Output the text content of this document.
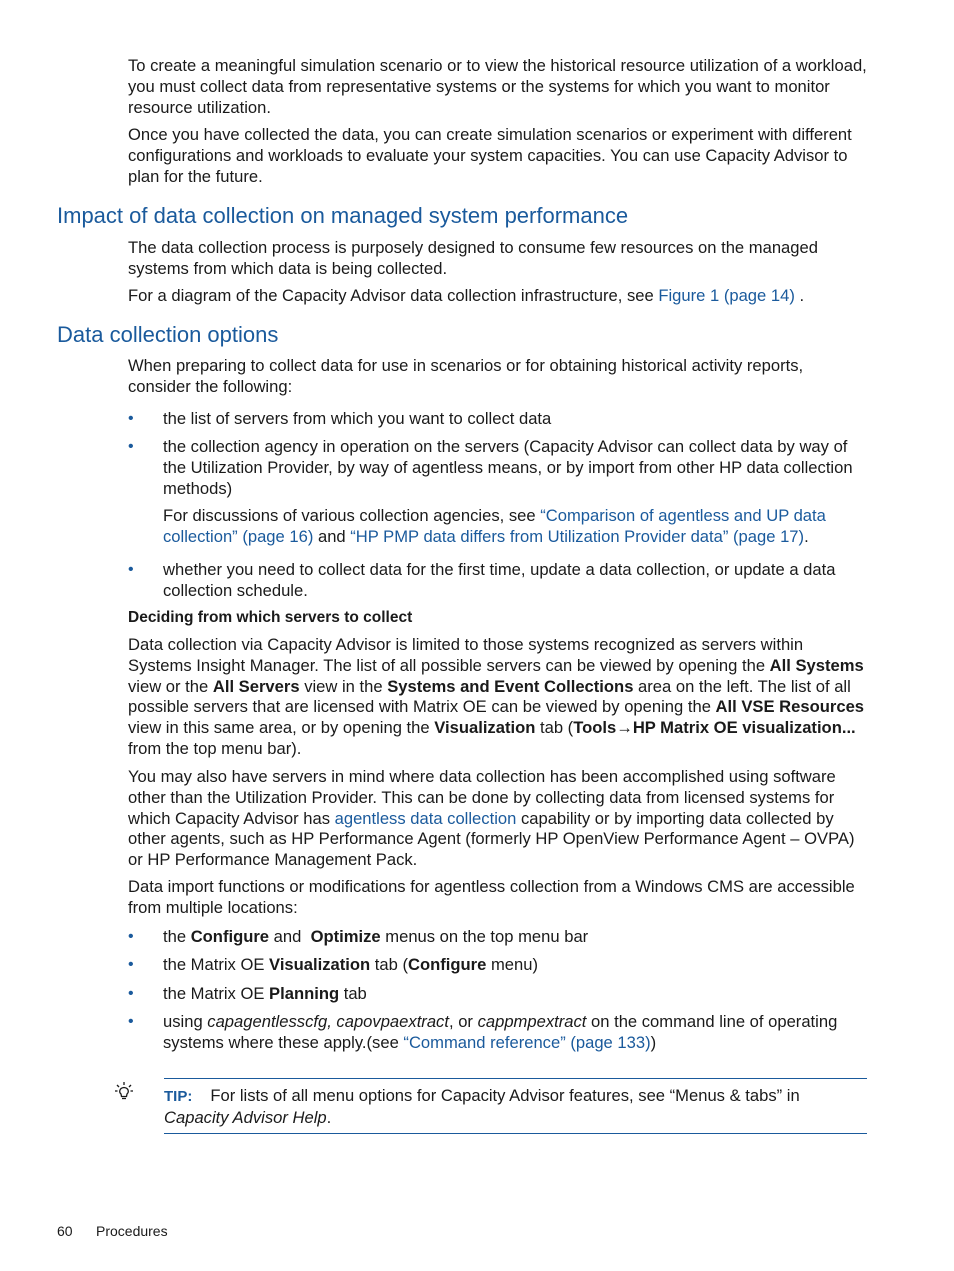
To create a meaningful simulation scenario or to view the historical resource utilization of a workload, you must collect data from representative systems or the systems for which you want to monitor resource utilization.

Once you have collected the data, you can create simulation scenarios or experiment with different configurations and workloads to evaluate your system capacities. You can use Capacity Advisor to plan for the future.

Impact of data collection on managed system performance

The data collection process is purposely designed to consume few resources on the managed systems from which data is being collected.

For a diagram of the Capacity Advisor data collection infrastructure, see Figure 1 (page 14) .

Data collection options

When preparing to collect data for use in scenarios or for obtaining historical activity reports, consider the following:

• the list of servers from which you want to collect data
• the collection agency in operation on the servers (Capacity Advisor can collect data by way of the Utilization Provider, by way of agentless means, or by import from other HP data collection methods)

For discussions of various collection agencies, see “Comparison of agentless and UP data collection” (page 16) and “HP PMP data differs from Utilization Provider data” (page 17).

• whether you need to collect data for the first time, update a data collection, or update a data collection schedule.
Deciding from which servers to collect

Data collection via Capacity Advisor is limited to those systems recognized as servers within Systems Insight Manager. The list of all possible servers can be viewed by opening the All Systems view or the All Servers view in the Systems and Event Collections area on the left. The list of all possible servers that are licensed with Matrix OE can be viewed by opening the All VSE Resources view in this same area, or by opening the Visualization tab (Tools→HP Matrix OE visualization... from the top menu bar).

You may also have servers in mind where data collection has been accomplished using software other than the Utilization Provider. This can be done by collecting data from licensed systems for which Capacity Advisor has agentless data collection capability or by importing data collected by other agents, such as HP Performance Agent (formerly HP OpenView Performance Agent – OVPA) or HP Performance Management Pack.

Data import functions or modifications for agentless collection from a Windows CMS are accessible from multiple locations:

• the Configure and  Optimize menus on the top menu bar
• the Matrix OE Visualization tab (Configure menu)
• the Matrix OE Planning tab
• using capagentlesscfg, capovpaextract, or cappmpextract on the command line of operating systems where these apply.(see “Command reference” (page 133))

TIP: For lists of all menu options for Capacity Advisor features, see “Menus & tabs” in Capacity Advisor Help.

60 Procedures
